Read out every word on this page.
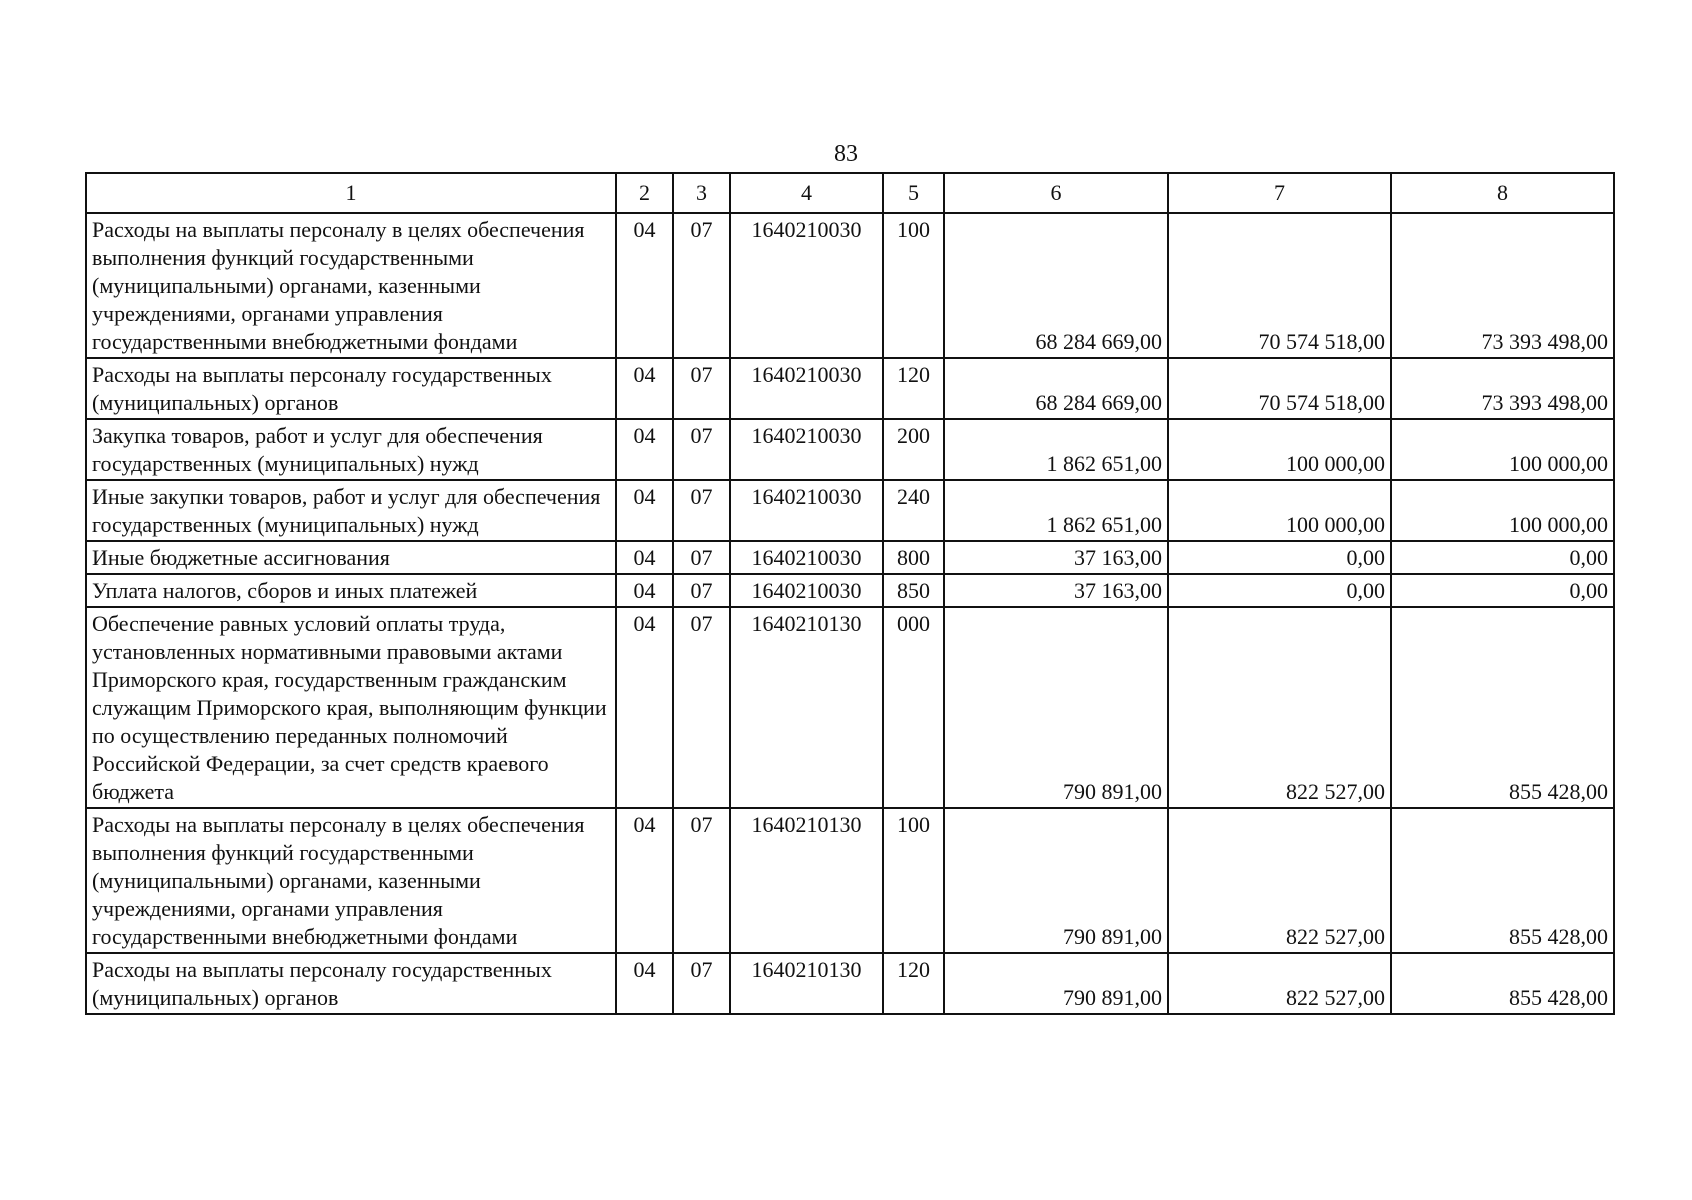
83
1	2	3	4	5	6	7	8
Расходы на выплаты персоналу в целях обеспечения выполнения функций государственными (муниципальными) органами, казенными учреждениями, органами управления государственными внебюджетными фондами	04	07	1640210030	100	68 284 669,00	70 574 518,00	73 393 498,00
Расходы на выплаты персоналу государственных (муниципальных) органов	04	07	1640210030	120	68 284 669,00	70 574 518,00	73 393 498,00
Закупка товаров, работ и услуг для обеспечения государственных (муниципальных) нужд	04	07	1640210030	200	1 862 651,00	100 000,00	100 000,00
Иные закупки товаров, работ и услуг для обеспечения государственных (муниципальных) нужд	04	07	1640210030	240	1 862 651,00	100 000,00	100 000,00
Иные бюджетные ассигнования	04	07	1640210030	800	37 163,00	0,00	0,00
Уплата налогов, сборов и иных платежей	04	07	1640210030	850	37 163,00	0,00	0,00
Обеспечение равных условий оплаты труда, установленных нормативными правовыми актами Приморского края, государственным гражданским служащим Приморского края, выполняющим функции по осуществлению переданных полномочий Российской Федерации, за счет средств краевого бюджета	04	07	1640210130	000	790 891,00	822 527,00	855 428,00
Расходы на выплаты персоналу в целях обеспечения выполнения функций государственными (муниципальными) органами, казенными учреждениями, органами управления государственными внебюджетными фондами	04	07	1640210130	100	790 891,00	822 527,00	855 428,00
Расходы на выплаты персоналу государственных (муниципальных) органов	04	07	1640210130	120	790 891,00	822 527,00	855 428,00
